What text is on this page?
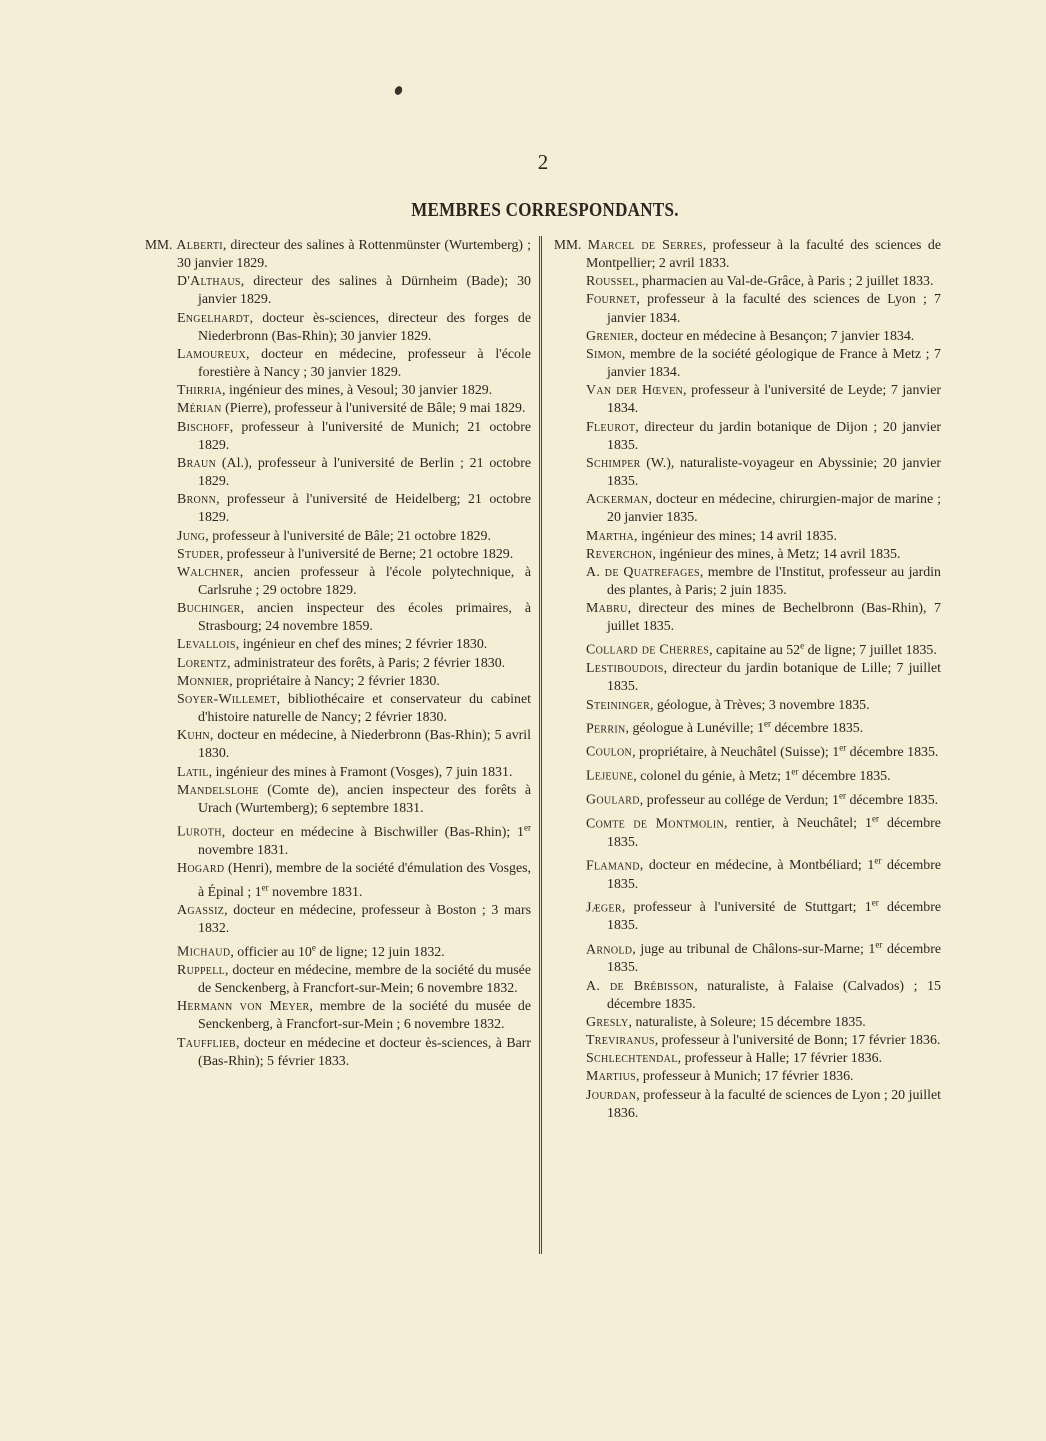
2
MEMBRES CORRESPONDANTS.
MM. Alberti, directeur des salines à Rottenmünster (Wurtemberg) ; 30 janvier 1829.
D'Althaus, directeur des salines à Dürnheim (Bade); 30 janvier 1829.
Engelhardt, docteur ès-sciences, directeur des forges de Niederbronn (Bas-Rhin); 30 janvier 1829.
Lamoureux, docteur en médecine, professeur à l'école forestière à Nancy ; 30 janvier 1829.
Thirria, ingénieur des mines, à Vesoul; 30 janvier 1829.
Mérian (Pierre), professeur à l'université de Bâle; 9 mai 1829.
Bischoff, professeur à l'université de Munich; 21 octobre 1829.
Braun (Al.), professeur à l'université de Berlin ; 21 octobre 1829.
Bronn, professeur à l'université de Heidelberg; 21 octobre 1829.
Jung, professeur à l'université de Bâle; 21 octobre 1829.
Studer, professeur à l'université de Berne; 21 octobre 1829.
Walchner, ancien professeur à l'école polytechnique, à Carlsruhe ; 29 octobre 1829.
Buchinger, ancien inspecteur des écoles primaires, à Strasbourg; 24 novembre 1859.
Levallois, ingénieur en chef des mines; 2 février 1830.
Lorentz, administrateur des forêts, à Paris; 2 février 1830.
Monnier, propriétaire à Nancy; 2 février 1830.
Soyer-Willemet, bibliothécaire et conservateur du cabinet d'histoire naturelle de Nancy; 2 février 1830.
Kuhn, docteur en médecine, à Niederbronn (Bas-Rhin); 5 avril 1830.
Latil, ingénieur des mines à Framont (Vosges), 7 juin 1831.
Mandelslohe (Comte de), ancien inspecteur des forêts à Urach (Wurtemberg); 6 septembre 1831.
Luroth, docteur en médecine à Bischwiller (Bas-Rhin); 1er novembre 1831.
Hogard (Henri), membre de la société d'émulation des Vosges, à Épinal ; 1er novembre 1831.
Agassiz, docteur en médecine, professeur à Boston ; 3 mars 1832.
Michaud, officier au 10e de ligne; 12 juin 1832.
Ruppell, docteur en médecine, membre de la société du musée de Senckenberg, à Francfort-sur-Mein; 6 novembre 1832.
Hermann von Meyer, membre de la société du musée de Senckenberg, à Francfort-sur-Mein ; 6 novembre 1832.
Taufflieb, docteur en médecine et docteur ès-sciences, à Barr (Bas-Rhin); 5 février 1833.
MM. Marcel de Serres, professeur à la faculté des sciences de Montpellier; 2 avril 1833.
Roussel, pharmacien au Val-de-Grâce, à Paris ; 2 juillet 1833.
Fournet, professeur à la faculté des sciences de Lyon ; 7 janvier 1834.
Grenier, docteur en médecine à Besançon; 7 janvier 1834.
Simon, membre de la société géologique de France à Metz ; 7 janvier 1834.
Van der Hœven, professeur à l'université de Leyde; 7 janvier 1834.
Fleurot, directeur du jardin botanique de Dijon ; 20 janvier 1835.
Schimper (W.), naturaliste-voyageur en Abyssinie; 20 janvier 1835.
Ackerman, docteur en médecine, chirurgien-major de marine ; 20 janvier 1835.
Martha, ingénieur des mines; 14 avril 1835.
Reverchon, ingénieur des mines, à Metz; 14 avril 1835.
A. de Quatrefages, membre de l'Institut, professeur au jardin des plantes, à Paris; 2 juin 1835.
Mabru, directeur des mines de Bechelbronn (Bas-Rhin), 7 juillet 1835.
Collard de Cherres, capitaine au 52e de ligne; 7 juillet 1835.
Lestiboudois, directeur du jardin botanique de Lille; 7 juillet 1835.
Steininger, géologue, à Trèves; 3 novembre 1835.
Perrin, géologue à Lunéville; 1er décembre 1835.
Coulon, propriétaire, à Neuchâtel (Suisse); 1er décembre 1835.
Lejeune, colonel du génie, à Metz; 1er décembre 1835.
Goulard, professeur au collége de Verdun; 1er décembre 1835.
Comte de Montmolin, rentier, à Neuchâtel; 1er décembre 1835.
Flamand, docteur en médecine, à Montbéliard; 1er décembre 1835.
Jæger, professeur à l'université de Stuttgart; 1er décembre 1835.
Arnold, juge au tribunal de Châlons-sur-Marne; 1er décembre 1835.
A. de Brébisson, naturaliste, à Falaise (Calvados) ; 15 décembre 1835.
Gresly, naturaliste, à Soleure; 15 décembre 1835.
Treviranus, professeur à l'université de Bonn; 17 février 1836.
Schlechtendal, professeur à Halle; 17 février 1836.
Martius, professeur à Munich; 17 février 1836.
Jourdan, professeur à la faculté de sciences de Lyon ; 20 juillet 1836.
